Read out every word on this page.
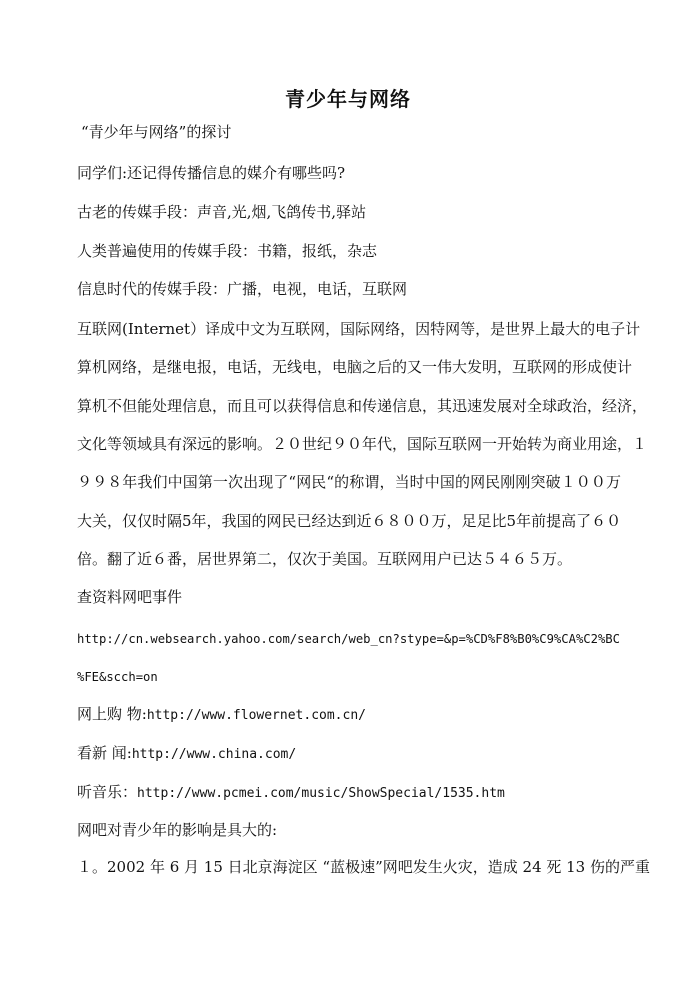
青少年与网络
“青少年与网络”的探讨
同学们:还记得传播信息的媒介有哪些吗?
古老的传媒手段：声音,光,烟,飞鸽传书,驿站
人类普遍使用的传媒手段：书籍，报纸，杂志
信息时代的传媒手段：广播，电视，电话，互联网
互联网(Internet）译成中文为互联网，国际网络，因特网等，是世界上最大的电子计
算机网络，是继电报，电话，无线电，电脑之后的又一伟大发明，互联网的形成使计
算机不但能处理信息，而且可以获得信息和传递信息，其迅速发展对全球政治，经济，
文化等领域具有深远的影响。２０世纪９０年代，国际互联网一开始转为商业用途，１
９９８年我们中国第一次出现了“网民“的称谓，当时中国的网民刚刚突破１００万
大关，仅仅时隔5年，我国的网民已经达到近６８００万，足足比5年前提高了６０
倍。翻了近６番，居世界第二，仅次于美国。互联网用户已达５４６５万。
查资料网吧事件
http://cn.websearch.yahoo.com/search/web_cn?stype=&p=%CD%F8%B0%C9%CA%C2%BC
%FE&scch=on
网上购 物:http://www.flowernet.com.cn/
看新 闻:http://www.china.com/
听音乐：http://www.pcmei.com/music/ShowSpecial/1535.htm
网吧对青少年的影响是具大的:
１。2002 年 6 月 15 日北京海淀区 “蓝极速”网吧发生火灾，造成 24 死 13 伤的严重
